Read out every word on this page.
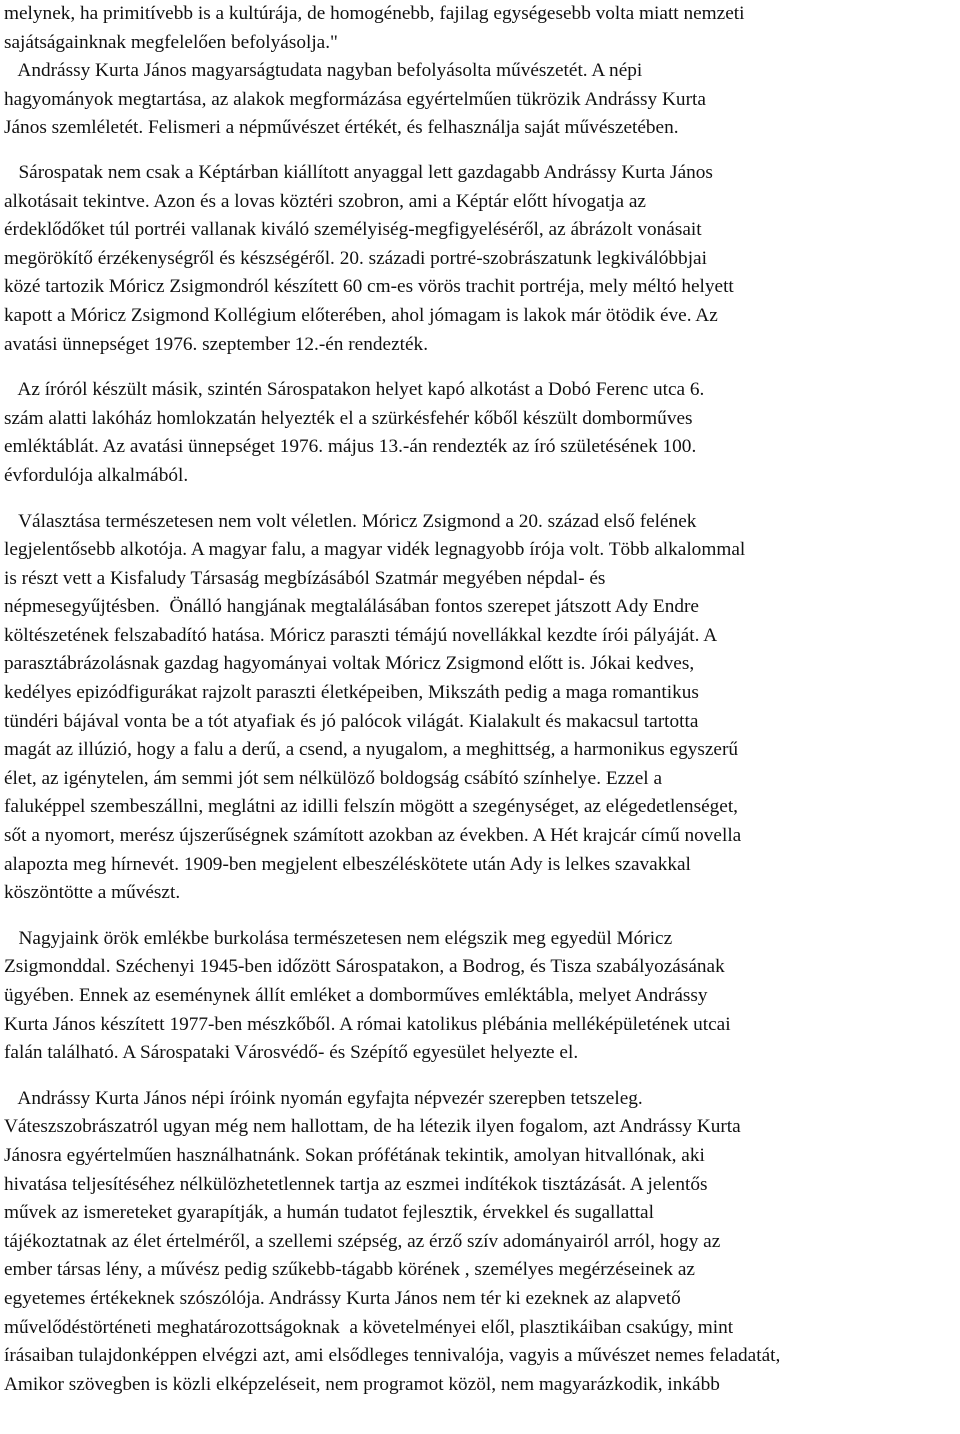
melynek, ha primitívebb is a kultúrája, de homogénebb, fajilag egységesebb volta miatt nemzeti
sajátságainknak megfelelően befolyásolja."
Andrássy Kurta János magyarságtudata nagyban befolyásolta művészetét. A népi
hagyományok megtartása, az alakok megformázása egyértelműen tükrözik Andrássy Kurta
János szemléletét. Felismeri a népművészet értékét, és felhasználja saját művészetében.
Sárospatak nem csak a Képtárban kiállított anyaggal lett gazdagabb Andrássy Kurta János
alkotásait tekintve. Azon és a lovas köztéri szobron, ami a Képtár előtt hívogatja az
érdeklődőket túl portréi vallanak kiváló személyiség-megfigyeléséről, az ábrázolt vonásait
megörökítő érzékenységről és készségéről. 20. századi portré-szobrászatunk legkiválóbbjai
közé tartozik Móricz Zsigmondról készített 60 cm-es vörös trachit portréja, mely méltó helyett
kapott a Móricz Zsigmond Kollégium előterében, ahol jómagam is lakok már ötödik éve. Az
avatási ünnepséget 1976. szeptember 12.-én rendezték.
Az íróról készült másik, szintén Sárospatakon helyet kapó alkotást a Dobó Ferenc utca 6.
szám alatti lakóház homlokzatán helyezték el a szürkésfehér kőből készült domborműves
emléktáblát. Az avatási ünnepséget 1976. május 13.-án rendezték az író születésének 100.
évfordulója alkalmából.
Választása természetesen nem volt véletlen. Móricz Zsigmond a 20. század első felének
legjelentősebb alkotója. A magyar falu, a magyar vidék legnagyobb írója volt. Több alkalommal
is részt vett a Kisfaludy Társaság megbízásából Szatmár megyében népdal- és
népmesegyűjtésben.  Önálló hangjának megtalálásában fontos szerepet játszott Ady Endre
költészetének felszabadító hatása. Móricz paraszti témájú novellákkal kezdte írói pályáját. A
parasztábrázolásnak gazdag hagyományai voltak Móricz Zsigmond előtt is. Jókai kedves,
kedélyes epizódfigurákat rajzolt paraszti életképeiben, Mikszáth pedig a maga romantikus
tündéri bájával vonta be a tót atyafiak és jó palócok világát. Kialakult és makacsul tartotta
magát az illúzió, hogy a falu a derű, a csend, a nyugalom, a meghittség, a harmonikus egyszerű
élet, az igénytelen, ám semmi jót sem nélkülöző boldogság csábító színhelye. Ezzel a
faluképpel szembeszállni, meglátni az idilli felszín mögött a szegénységet, az elégedetlenséget,
sőt a nyomort, merész újszerűségnek számított azokban az években. A Hét krajcár című novella
alapozta meg hírnevét. 1909-ben megjelent elbeszéléskötete után Ady is lelkes szavakkal
köszöntötte a művészt.
Nagyjaink örök emlékbe burkolása természetesen nem elégszik meg egyedül Móricz
Zsigmonddal. Széchenyi 1945-ben időzött Sárospatakon, a Bodrog, és Tisza szabályozásának
ügyében. Ennek az eseménynek állít emléket a domborműves emléktábla, melyet Andrássy
Kurta János készített 1977-ben mészkőből. A római katolikus plébánia melléképületének utcai
falán található. A Sárospataki Városvédő- és Szépítő egyesület helyezte el.
Andrássy Kurta János népi íróink nyomán egyfajta népvezér szerepben tetszeleg.
Váteszszobrászatról ugyan még nem hallottam, de ha létezik ilyen fogalom, azt Andrássy Kurta
Jánosra egyértelműen használhatnánk. Sokan prófétának tekintik, amolyan hitvallónak, aki
hivatása teljesítéséhez nélkülözhetetlennek tartja az eszmei indítékok tisztázását. A jelentős
művek az ismereteket gyarapítják, a humán tudatot fejlesztik, érvekkel és sugallattal
tájékoztatnak az élet értelméről, a szellemi szépség, az érző szív adományairól arról, hogy az
ember társas lény, a művész pedig szűkebb-tágabb körének , személyes megérzéseinek az
egyetemes értékeknek szószólója. Andrássy Kurta János nem tér ki ezeknek az alapvető
művelődéstörténeti meghatározottságoknak  a követelményei elől, plasztikáiban csakúgy, mint
írásaiban tulajdonképpen elvégzi azt, ami elsődleges tennivalója, vagyis a művészet nemes feladatát,
Amikor szövegben is közli elképzeléseit, nem programot közöl, nem magyarázkodik, inkább
